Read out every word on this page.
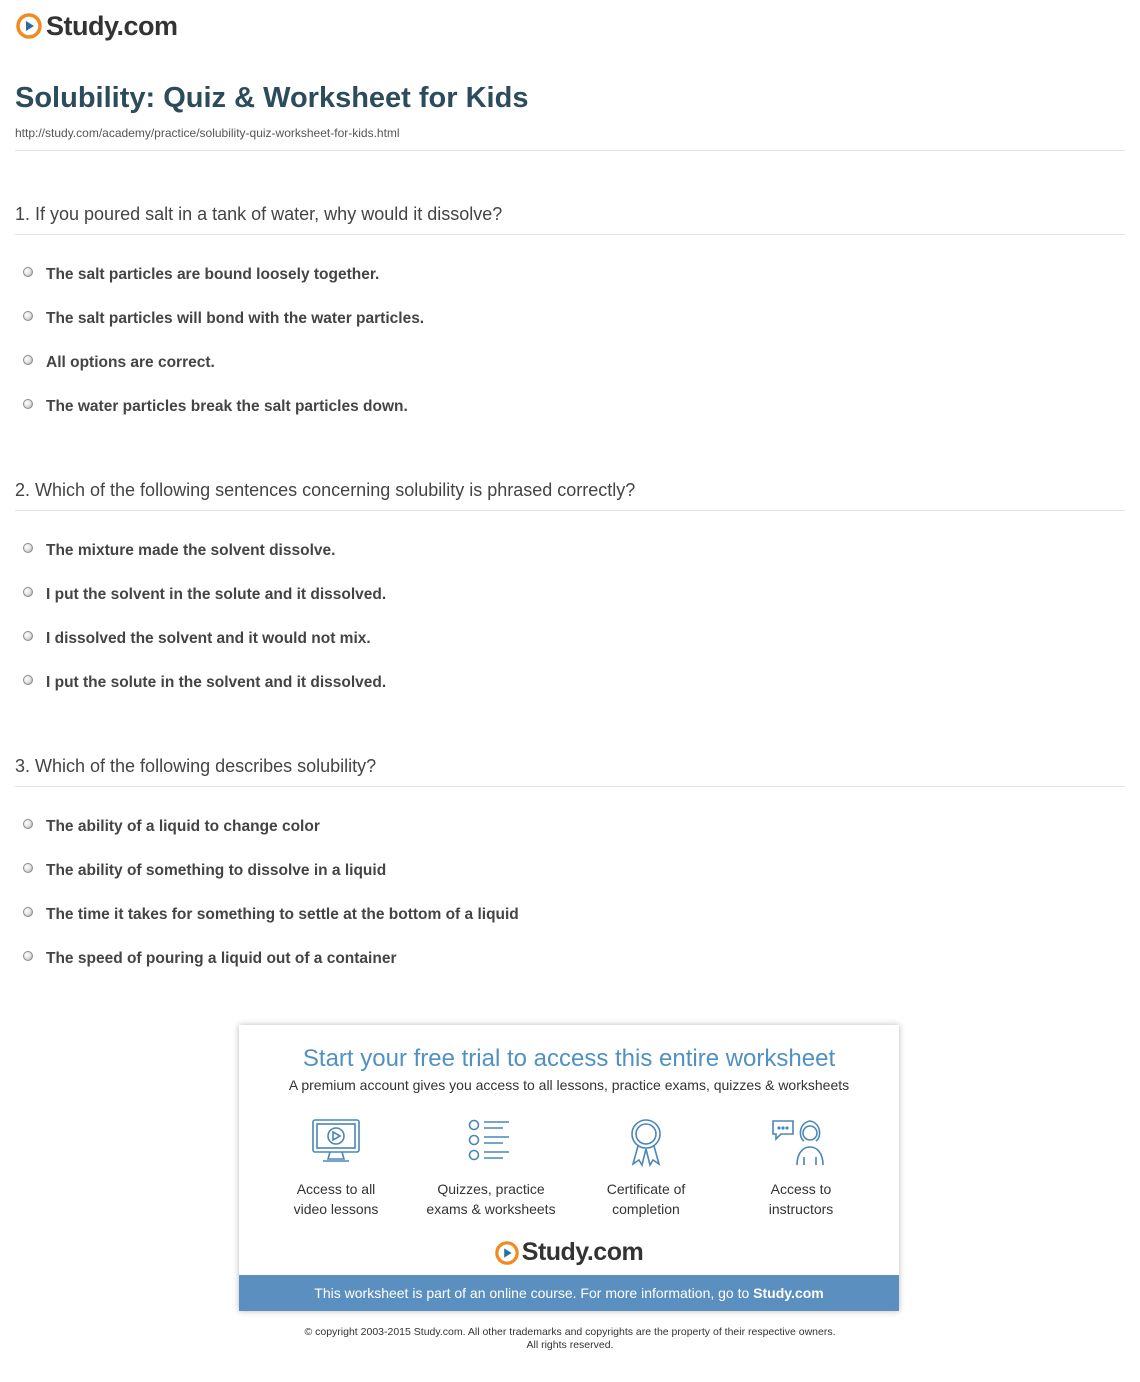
Study.com
Solubility: Quiz & Worksheet for Kids
http://study.com/academy/practice/solubility-quiz-worksheet-for-kids.html
1. If you poured salt in a tank of water, why would it dissolve?
The salt particles are bound loosely together.
The salt particles will bond with the water particles.
All options are correct.
The water particles break the salt particles down.
2. Which of the following sentences concerning solubility is phrased correctly?
The mixture made the solvent dissolve.
I put the solvent in the solute and it dissolved.
I dissolved the solvent and it would not mix.
I put the solute in the solvent and it dissolved.
3. Which of the following describes solubility?
The ability of a liquid to change color
The ability of something to dissolve in a liquid
The time it takes for something to settle at the bottom of a liquid
The speed of pouring a liquid out of a container
Start your free trial to access this entire worksheet
A premium account gives you access to all lessons, practice exams, quizzes & worksheets
Access to all
video lessons
Quizzes, practice
exams & worksheets
Certificate of
completion
Access to
instructors
Study.com
This worksheet is part of an online course. For more information, go to Study.com
© copyright 2003-2015 Study.com. All other trademarks and copyrights are the property of their respective owners.
All rights reserved.
